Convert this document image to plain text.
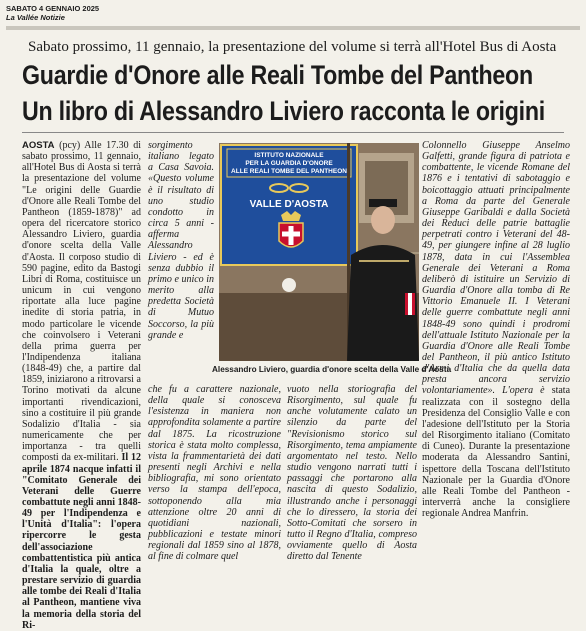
SABATO 4 GENNAIO 2025
La Vallée Notizie
Sabato prossimo, 11 gennaio, la presentazione del volume si terrà all'Hotel Bus di Aosta
Guardie d'Onore alle Reali Tombe del Pantheon
Un libro di Alessandro Liviero racconta le origini

AOSTA (pcy) Alle 17.30 di sabato prossimo, 11 gennaio, all'Hotel Bus di Aosta si terrà la presentazione del volume "Le origini delle Guardie d'Onore alle Reali Tombe del Pantheon (1859-1878)" ad opera del ricercatore storico Alessandro Liviero, guardia d'onore scelta della Valle d'Aosta. Il corposo studio di 590 pagine, edito da Bastogi Libri di Roma, costituisce un unicum in cui vengono riportate alla luce pagine inedite di storia patria, in modo particolare le vicende che coinvolsero i Veterani della prima guerra per l'Indipendenza italiana (1848-49) che, a partire dal 1859, iniziarono a ritrovarsi a Torino motivati da alcune importanti rivendicazioni, sino a costituire il più grande Sodalizio d'Italia - sia numericamente che per importanza - tra quelli composti da ex-militari. Il 12 aprile 1874 nacque infatti il "Comitato Generale dei Veterani delle Guerre combattute negli anni 1848-49 per l'Indipendenza e l'Unità d'Italia": l'opera ripercorre le gesta dell'associazione combattentistica più antica d'Italia la quale, oltre a prestare servizio di guardia alle tombe dei Reali d'Italia al Pantheon, mantiene viva la memoria della storia del Ri-

sorgimento italiano legato a Casa Savoia. «Questo volume è il risultato di uno studio condotto in circa 5 anni - afferma Alessandro Liviero - ed è senza dubbio il primo e unico in merito alla predetta Società di Mutuo Soccorso, la più grande e

ISTITUTO NAZIONALE
PER LA GUARDIA D'ONORE
ALLE REALI TOMBE DEL PANTHEON
VALLE D'AOSTA
Alessandro Liviero, guardia d'onore scelta della Valle d'Aosta

che fu a carattere nazionale, della quale si conosceva l'esistenza in maniera non approfondita solamente a partire dal 1875. La ricostruzione storica è stata molto complessa, vista la frammentarietà dei dati presenti negli Archivi e nella bibliografia, mi sono orientato verso la stampa dell'epoca, sottoponendo alla mia attenzione oltre 20 anni di quotidiani nazionali, pubblicazioni e testate minori regionali dal 1859 sino al 1878, al fine di colmare quel

vuoto nella storiografia del Risorgimento, sul quale fu anche volutamente calato un silenzio da parte del "Revisionismo storico sul Risorgimento, tema ampiamente argomentato nel testo. Nello studio vengono narrati tutti i passaggi che portarono alla nascita di questo Sodalizio, illustrando anche i personaggi che lo diressero, la storia dei Sotto-Comitati che sorsero in tutto il Regno d'Italia, compreso ovviamente quello di Aosta diretto dal Tenente

Colonnello Giuseppe Anselmo Galfetti, grande figura di patriota e combattente, le vicende Romane del 1876 e i tentativi di sabotaggio e boicottaggio attuati principalmente a Roma da parte del Generale Giuseppe Garibaldi e dalla Società dei Reduci delle patrie battaglie perpetrati contro i Veterani del 48-49, per giungere infine al 28 luglio 1878, data in cui l'Assemblea Generale dei Veterani a Roma deliberò di istituire un Servizio di Guardia d'Onore alla tomba di Re Vittorio Emanuele II. I Veterani delle guerre combattute negli anni 1848-49 sono quindi i prodromi dell'attuale Istituto Nazionale per la Guardia d'Onore alle Reali Tombe del Pantheon, il più antico Istituto d'Armi d'Italia che da quella data presta ancora servizio volontariamente». L'opera è stata realizzata con il sostegno della Presidenza del Consiglio Valle e con l'adesione dell'Istituto per la Storia del Risorgimento italiano (Comitato di Cuneo). Durante la presentazione moderata da Alessandro Santini, ispettore della Toscana dell'Istituto Nazionale per la Guardia d'Onore alle Reali Tombe del Pantheon - interverrà anche la consigliere regionale Andrea Manfrin.
